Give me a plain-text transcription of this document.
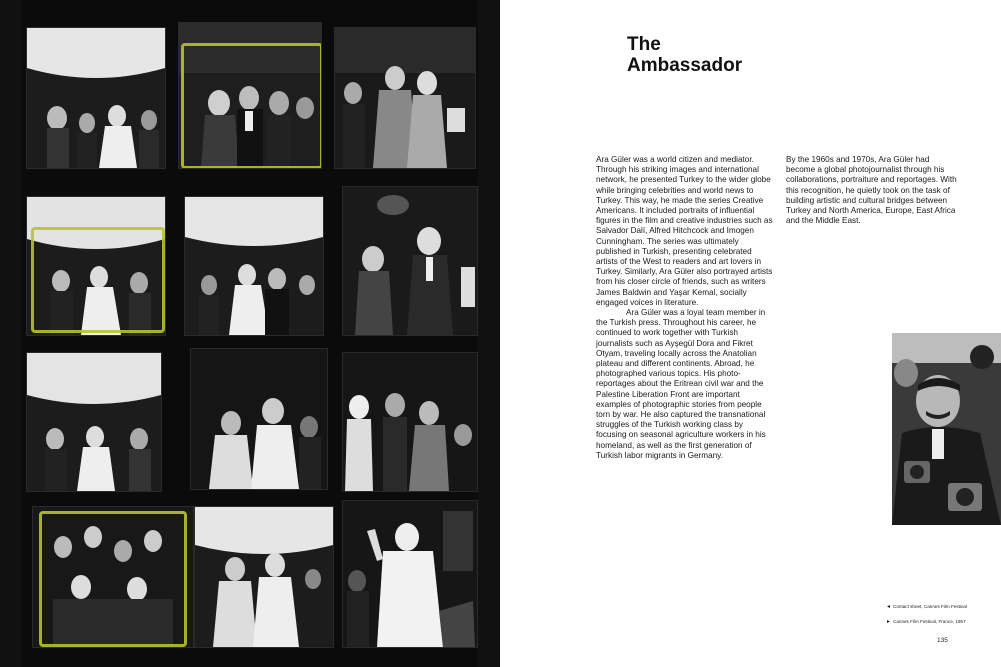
The
Ambassador

Ara Güler was a world citizen and mediator. Through his striking images and international network, he presented Turkey to the wider globe while bringing celebrities and world news to Turkey. This way, he made the series Creative Americans. It included portraits of influential figures in the film and creative industries such as Salvador Dalí, Alfred Hitchcock and Imogen Cunningham. The series was ultimately published in Turkish, presenting celebrated artists of the West to readers and art lovers in Turkey. Similarly, Ara Güler also portrayed artists from his closer circle of friends, such as writers James Baldwin and Yaşar Kemal, socially engaged voices in literature.

Ara Güler was a loyal team member in the Turkish press. Throughout his career, he continued to work together with Turkish journalists such as Ayşegül Dora and Fikret Otyam, traveling locally across the Anatolian plateau and different continents. Abroad, he photographed various topics. His photo-reportages about the Eritrean civil war and the Palestine Liberation Front are important examples of photographic stories from people torn by war. He also captured the transnational struggles of the Turkish working class by focusing on seasonal agriculture workers in his homeland, as well as the first generation of Turkish labor migrants in Germany.

By the 1960s and 1970s, Ara Güler had become a global photojournalist through his collaborations, portraiture and reportages. With this recognition, he quietly took on the task of building artistic and cultural bridges between Turkey and North America, Europe, East Africa and the Middle East.

◂ Contact sheet, Cannes Film Festival
▸ Cannes Film Festival, France, 1957
135
